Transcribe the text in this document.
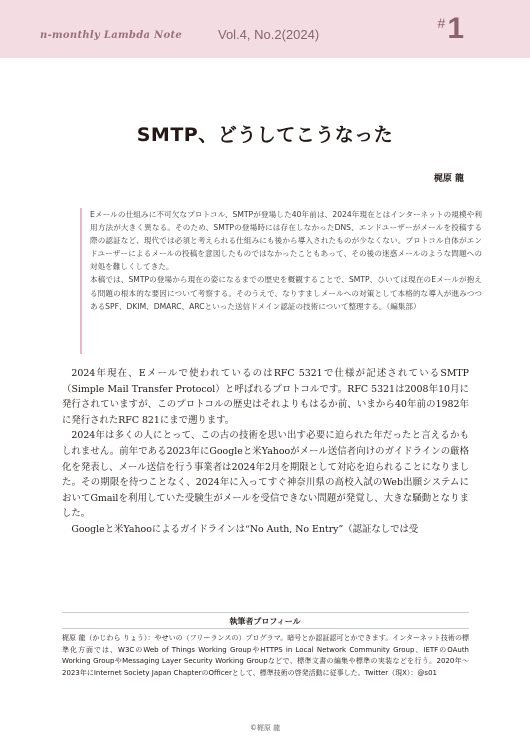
n-monthly Lambda Note	Vol.4, No.2(2024)
#1
SMTP、どうしてこうなった
梶原 龍

Eメールの仕組みに不可欠なプロトコル、SMTPが登場した40年前は、2024年現在とはインターネットの規模や利用方法が大きく異なる。そのため、SMTPの登場時には存在しなかったDNS、エンドユーザーがメールを投稿する際の認証など、現代では必須と考えられる仕組みにも後から導入されたものが少なくない。プロトコル自体がエンドユーザーによるメールの投稿を意図したものではなかったこともあって、その後の迷惑メールのような問題への対処を難しくしてきた。

本稿では、SMTPの登場から現在の姿になるまでの歴史を概観することで、SMTP、ひいては現在のEメールが抱える問題の根本的な要因について考察する。そのうえで、なりすましメールへの対策として本格的な導入が進みつつあるSPF、DKIM、DMARC、ARCといった送信ドメイン認証の技術について整理する。（編集部）

2024年現在、Eメールで使われているのはRFC 5321で仕様が記述されているSMTP（Simple Mail Transfer Protocol）と呼ばれるプロトコルです。RFC 5321は2008年10月に発行されていますが、このプロトコルの歴史はそれよりもはるか前、いまから40年前の1982年に発行されたRFC 821にまで遡ります。

2024年は多くの人にとって、この古の技術を思い出す必要に迫られた年だったと言えるかもしれません。前年である2023年にGoogleと米Yahooがメール送信者向けのガイドラインの厳格化を発表し、メール送信を行う事業者は2024年2月を期限として対応を迫られることになりました。その期限を待つことなく、2024年に入ってすぐ神奈川県の高校入試のWeb出願システムにおいてGmailを利用していた受験生がメールを受信できない問題が発覚し、大きな騒動となりました。

Googleと米Yahooによるガイドラインは“No Auth, No Entry”（認証なしでは受

執筆者プロフィール
梶原 龍（かじわら りょう）：やせいの（フリーランスの）プログラマ。暗号とか認証認可とかできます。インターネット技術の標準化方面では、W3CのWeb of Things Working GroupやHTTPS in Local Network Community Group、IETFのOAuth Working GroupやMessaging Layer Security Working Groupなどで、標準文書の編集や標準の実装などを行う。2020年〜2023年にInternet Society Japan ChapterのOfficerとして、標準技術の啓発活動に従事した。Twitter（現X）：@s01
©梶原 龍
